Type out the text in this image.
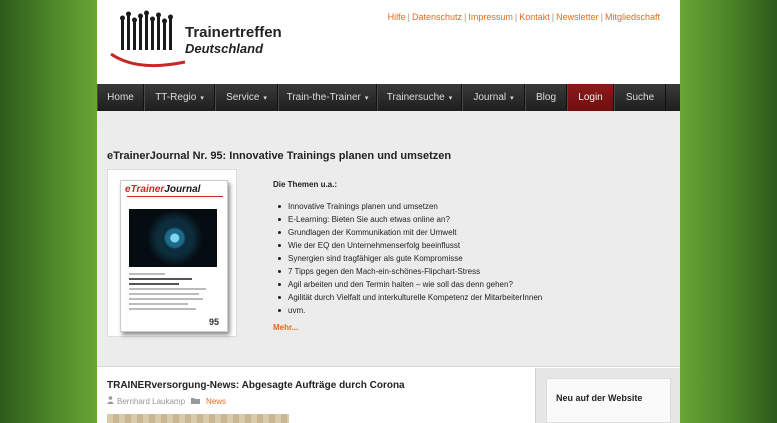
Trainertreffen
Deutschland
Hilfe | Datenschutz | Impressum | Kontakt | Newsletter | Mitgliedschaft
Home TT-Regio ▾ Service ▾ Train-the-Trainer ▾ Trainersuche ▾ Journal ▾ Blog Login Suche
eTrainerJournal Nr. 95: Innovative Trainings planen und umsetzen
eTrainerJournal
95
Die Themen u.a.:
Innovative Trainings planen und umsetzen
E-Learning: Bieten Sie auch etwas online an?
Grundlagen der Kommunikation mit der Umwelt
Wie der EQ den Unternehmenserfolg beeinflusst
Synergien sind tragfähiger als gute Kompromisse
7 Tipps gegen den Mach-ein-schönes-Flipchart-Stress
Agil arbeiten und den Termin halten – wie soll das denn gehen?
Agilität durch Vielfalt und interkulturelle Kompetenz der MitarbeiterInnen
uvm.
Mehr...
TRAINERversorgung-News: Abgesagte Aufträge durch Corona
Bernhard Laukamp	News	Neu auf der Website
